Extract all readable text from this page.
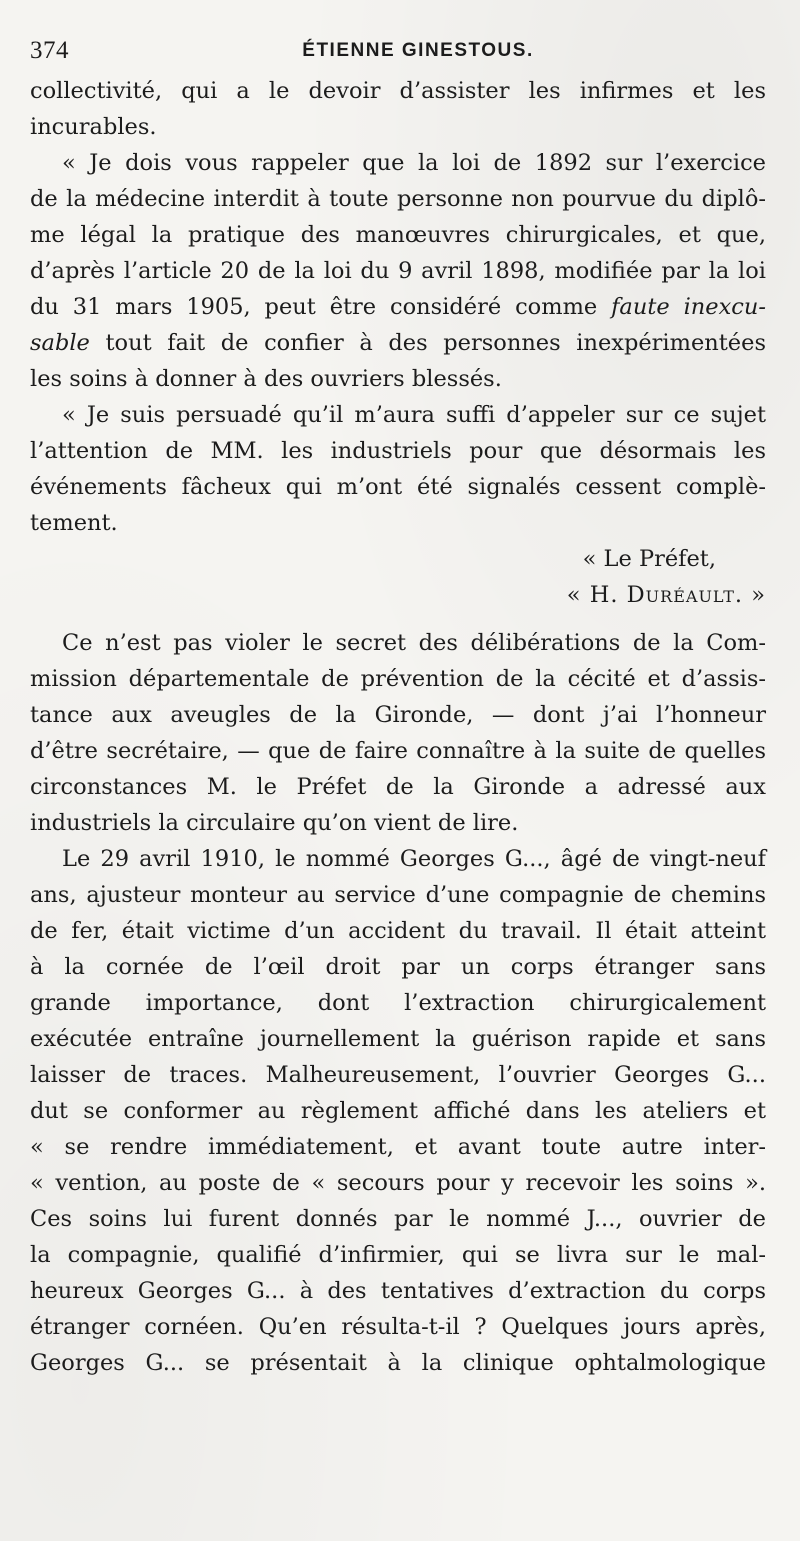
374	ÉTIENNE GINESTOUS.
collectivité, qui a le devoir d’assister les infirmes et les
incurables.
« Je dois vous rappeler que la loi de 1892 sur l’exercice
de la médecine interdit à toute personne non pourvue du diplô-
me légal la pratique des manœuvres chirurgicales, et que,
d’après l’article 20 de la loi du 9 avril 1898, modifiée par la loi
du 31 mars 1905, peut être considéré comme faute inexcu-
sable tout fait de confier à des personnes inexpérimentées
les soins à donner à des ouvriers blessés.
« Je suis persuadé qu’il m’aura suffi d’appeler sur ce sujet
l’attention de MM. les industriels pour que désormais les
événements fâcheux qui m’ont été signalés cessent complè-
tement.
« Le Préfet,
« H. Duréault. »
Ce n’est pas violer le secret des délibérations de la Com-
mission départementale de prévention de la cécité et d’assis-
tance aux aveugles de la Gironde, — dont j’ai l’honneur
d’être secrétaire, — que de faire connaître à la suite de quelles
circonstances M. le Préfet de la Gironde a adressé aux
industriels la circulaire qu’on vient de lire.
Le 29 avril 1910, le nommé Georges G..., âgé de vingt-neuf
ans, ajusteur monteur au service d’une compagnie de chemins
de fer, était victime d’un accident du travail. Il était atteint
à la cornée de l’œil droit par un corps étranger sans
grande importance, dont l’extraction chirurgicalement
exécutée entraîne journellement la guérison rapide et sans
laisser de traces. Malheureusement, l’ouvrier Georges G...
dut se conformer au règlement affiché dans les ateliers et
« se rendre immédiatement, et avant toute autre inter-
« vention, au poste de « secours pour y recevoir les soins ».
Ces soins lui furent donnés par le nommé J..., ouvrier de
la compagnie, qualifié d’infirmier, qui se livra sur le mal-
heureux Georges G... à des tentatives d’extraction du corps
étranger cornéen. Qu’en résulta-t-il ? Quelques jours après,
Georges G... se présentait à la clinique ophtalmologique
